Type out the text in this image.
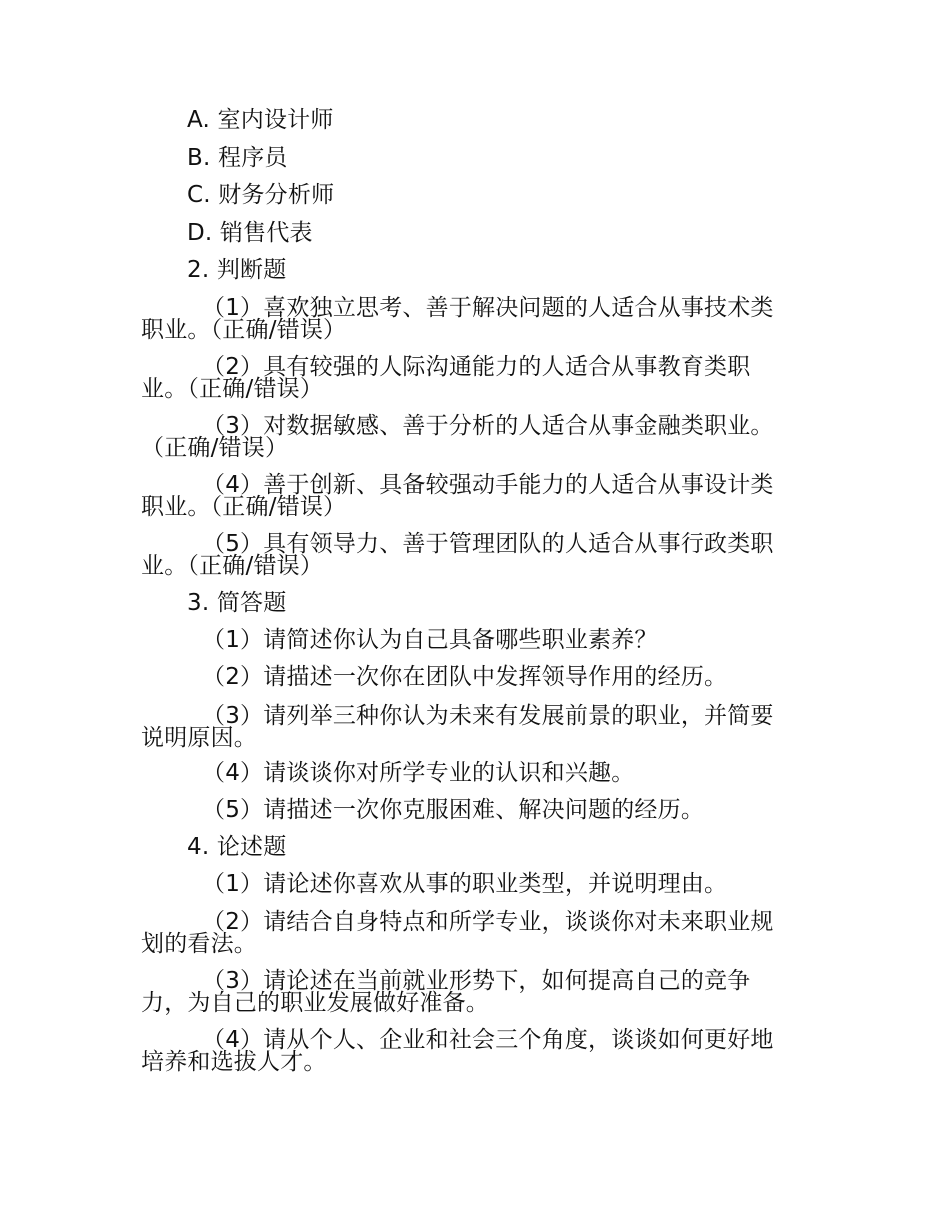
A. 室内设计师
B. 程序员
C. 财务分析师
D. 销售代表
2. 判断题
（1）喜欢独立思考、善于解决问题的人适合从事技术类
职业。（正确/错误）
（2）具有较强的人际沟通能力的人适合从事教育类职
业。（正确/错误）
（3）对数据敏感、善于分析的人适合从事金融类职业。
（正确/错误）
（4）善于创新、具备较强动手能力的人适合从事设计类
职业。（正确/错误）
（5）具有领导力、善于管理团队的人适合从事行政类职
业。（正确/错误）
3. 简答题
（1）请简述你认为自己具备哪些职业素养？
（2）请描述一次你在团队中发挥领导作用的经历。
（3）请列举三种你认为未来有发展前景的职业，并简要
说明原因。
（4）请谈谈你对所学专业的认识和兴趣。
（5）请描述一次你克服困难、解决问题的经历。
4. 论述题
（1）请论述你喜欢从事的职业类型，并说明理由。
（2）请结合自身特点和所学专业，谈谈你对未来职业规
划的看法。
（3）请论述在当前就业形势下，如何提高自己的竞争
力，为自己的职业发展做好准备。
（4）请从个人、企业和社会三个角度，谈谈如何更好地
培养和选拔人才。
